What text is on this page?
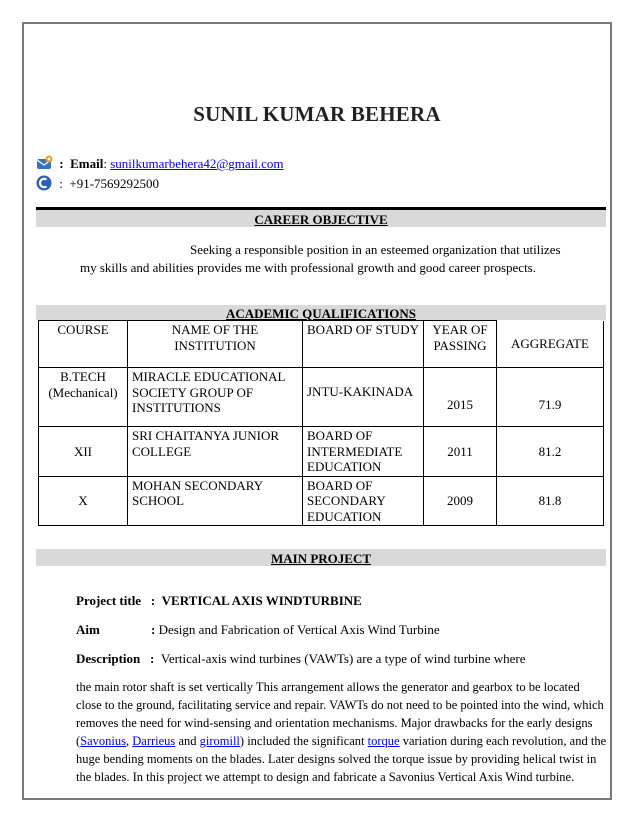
SUNIL KUMAR BEHERA
:  Email: sunilkumarbehera42@gmail.com
:  +91-7569292500
CAREER OBJECTIVE

Seeking a responsible position in an esteemed organization that utilizes

my skills and abilities provides me with professional growth and good career prospects.

ACADEMIC QUALIFICATIONS
COURSE	NAME OF THE INSTITUTION	BOARD OF STUDY	YEAR OF PASSING	AGGREGATE
B.TECH (Mechanical)	MIRACLE EDUCATIONAL SOCIETY GROUP OF INSTITUTIONS	JNTU-KAKINADA	2015	71.9
XII	SRI CHAITANYA JUNIOR COLLEGE	BOARD OF INTERMEDIATE EDUCATION	2011	81.2
X	MOHAN SECONDARY SCHOOL	BOARD OF SECONDARY EDUCATION	2009	81.8
MAIN PROJECT
Project title   :  VERTICAL AXIS WINDTURBINE
Aim	: Design and Fabrication of Vertical Axis Wind Turbine
Description   :  Vertical-axis wind turbines (VAWTs) are a type of wind turbine where

the main rotor shaft is set vertically This arrangement allows the generator and gearbox to be located close to the ground, facilitating service and repair. VAWTs do not need to be pointed into the wind, which removes the need for wind-sensing and orientation mechanisms. Major drawbacks for the early designs (Savonius, Darrieus and giromill) included the significant torque variation during each revolution, and the huge bending moments on the blades. Later designs solved the torque issue by providing helical twist in the blades. In this project we attempt to design and fabricate a Savonius Vertical Axis Wind turbine.
